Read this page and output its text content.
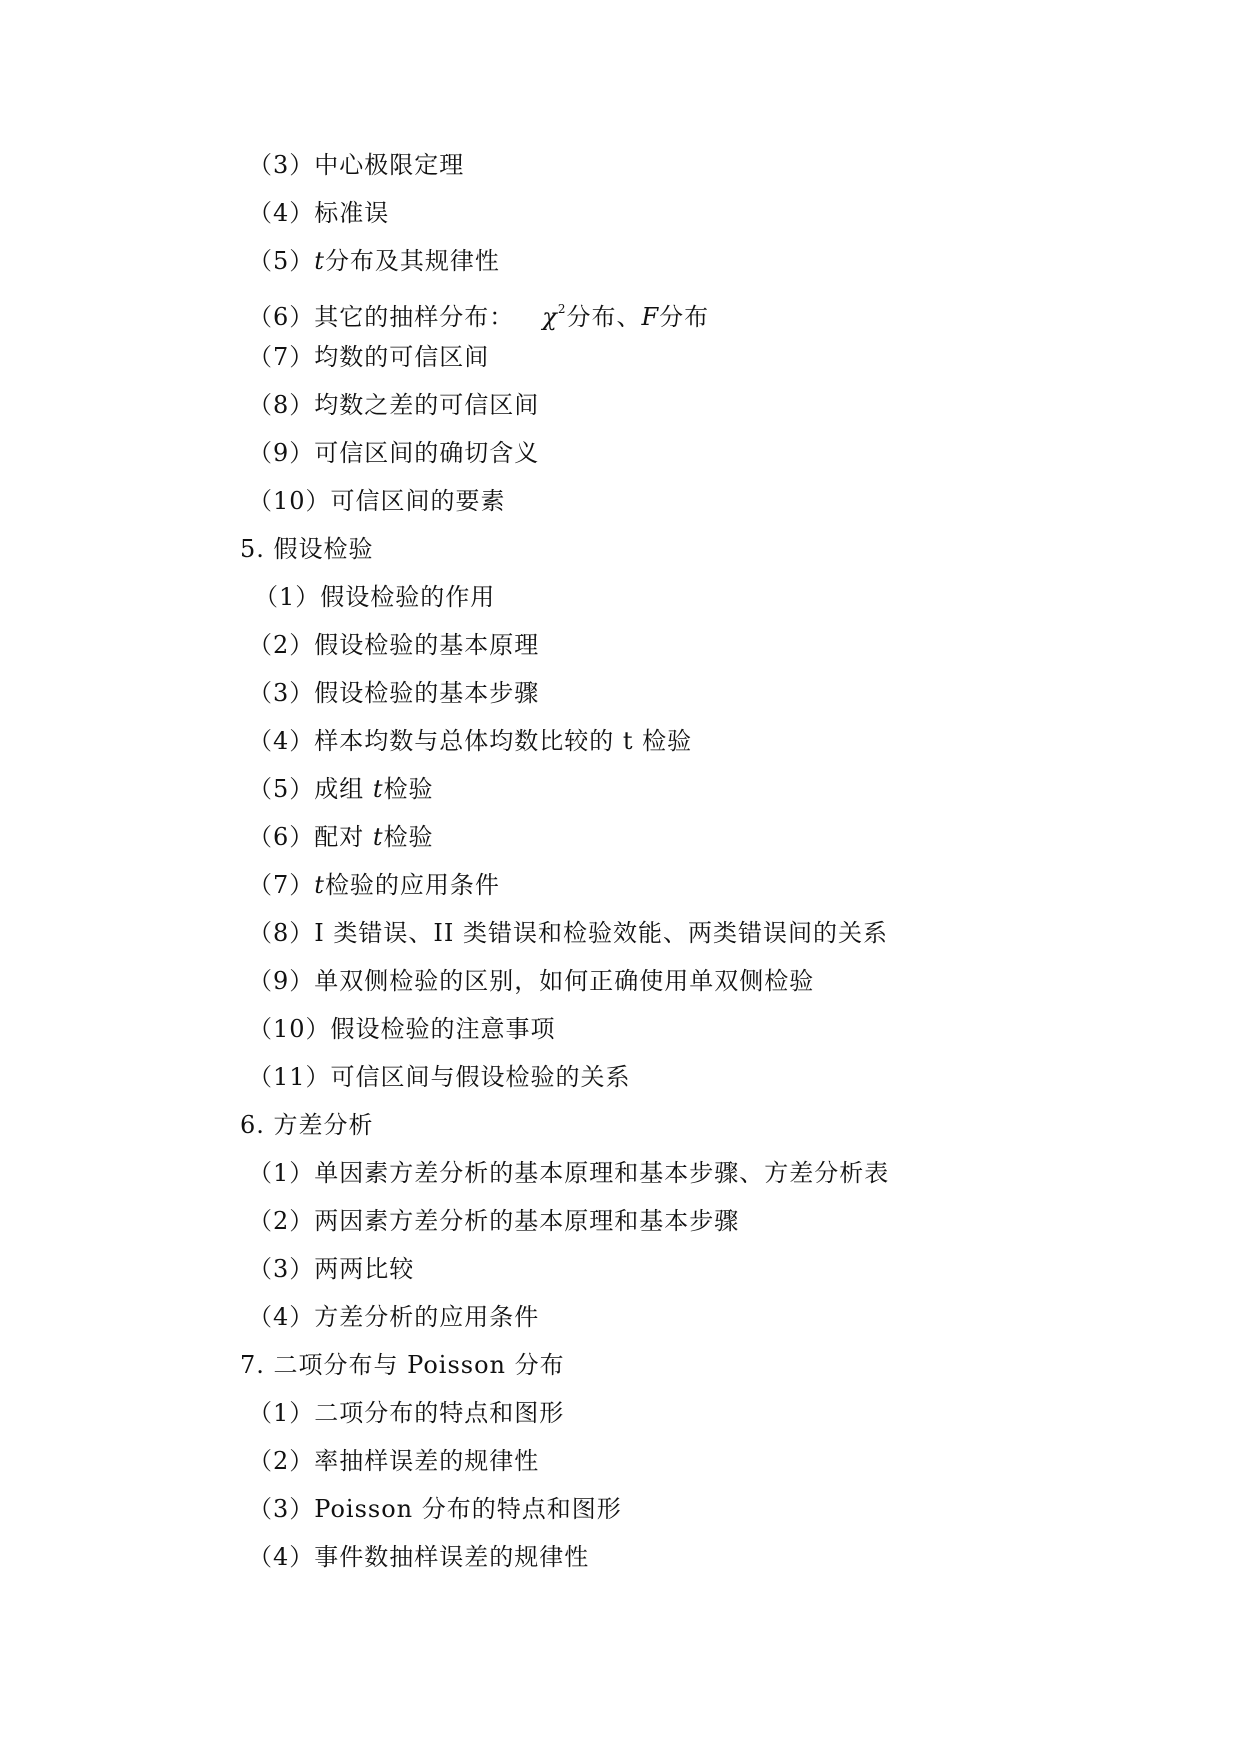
（3）中心极限定理
（4）标准误
（5）t分布及其规律性
（6）其它的抽样分布： $\chi^2$分布、F分布
（7）均数的可信区间
（8）均数之差的可信区间
（9）可信区间的确切含义
（10）可信区间的要素
5. 假设检验
（1）假设检验的作用
（2）假设检验的基本原理
（3）假设检验的基本步骤
（4）样本均数与总体均数比较的 t 检验
（5）成组 t检验
（6）配对 t检验
（7）t检验的应用条件
（8）I 类错误、II 类错误和检验效能、两类错误间的关系
（9）单双侧检验的区别，如何正确使用单双侧检验
（10）假设检验的注意事项
（11）可信区间与假设检验的关系
6. 方差分析
（1）单因素方差分析的基本原理和基本步骤、方差分析表
（2）两因素方差分析的基本原理和基本步骤
（3）两两比较
（4）方差分析的应用条件
7. 二项分布与 Poisson 分布
（1）二项分布的特点和图形
（2）率抽样误差的规律性
（3）Poisson 分布的特点和图形
（4）事件数抽样误差的规律性
